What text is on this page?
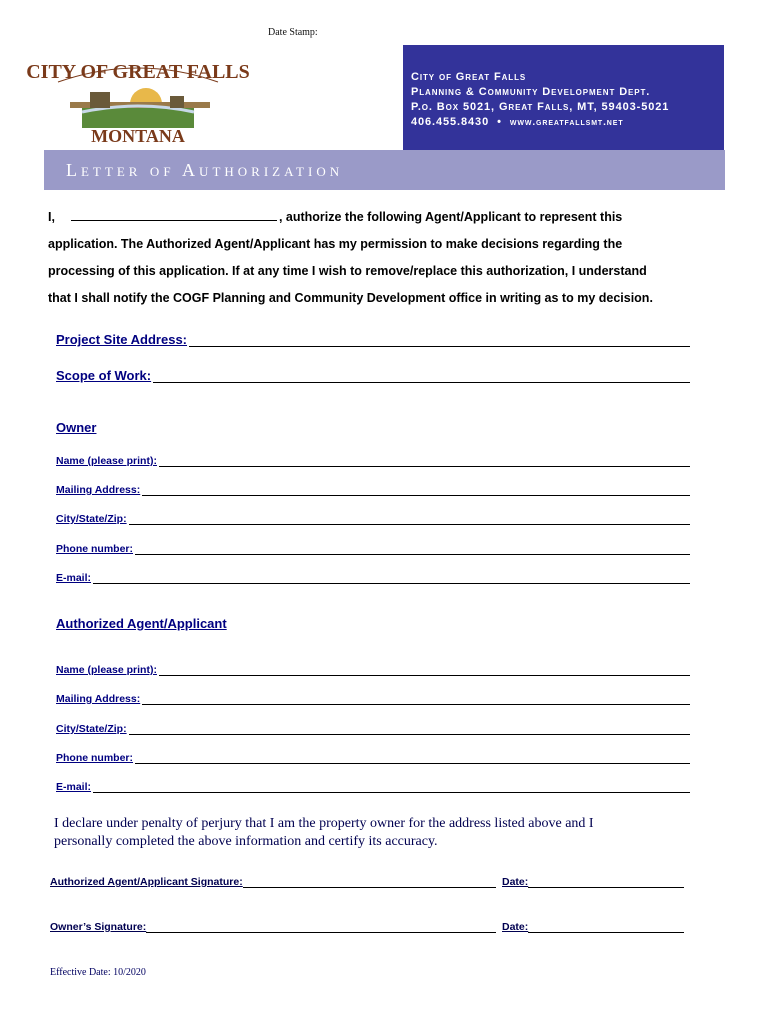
Date Stamp:
CITY OF GREAT FALLS
MONTANA
City of Great Falls
Planning & Community Development Dept.
P.o. Box 5021, Great Falls, MT, 59403-5021
406.455.8430 • www.greatfallsmt.net
Letter of Authorization
I,	, authorize the following Agent/Applicant to represent this
application. The Authorized Agent/Applicant has my permission to make decisions regarding the
processing of this application. If at any time I wish to remove/replace this authorization, I understand
that I shall notify the COGF Planning and Community Development office in writing as to my decision.
Project Site Address:
Scope of Work:
Owner
Name (please print):
Mailing Address:
City/State/Zip:
Phone number:
E-mail:
Authorized Agent/Applicant
Name (please print):
Mailing Address:
City/State/Zip:
Phone number:
E-mail:
I declare under penalty of perjury that I am the property owner for the address listed above and I
personally completed the above information and certify its accuracy.
Authorized Agent/Applicant Signature:	Date:
Owner’s Signature:	Date:
Effective Date: 10/2020
